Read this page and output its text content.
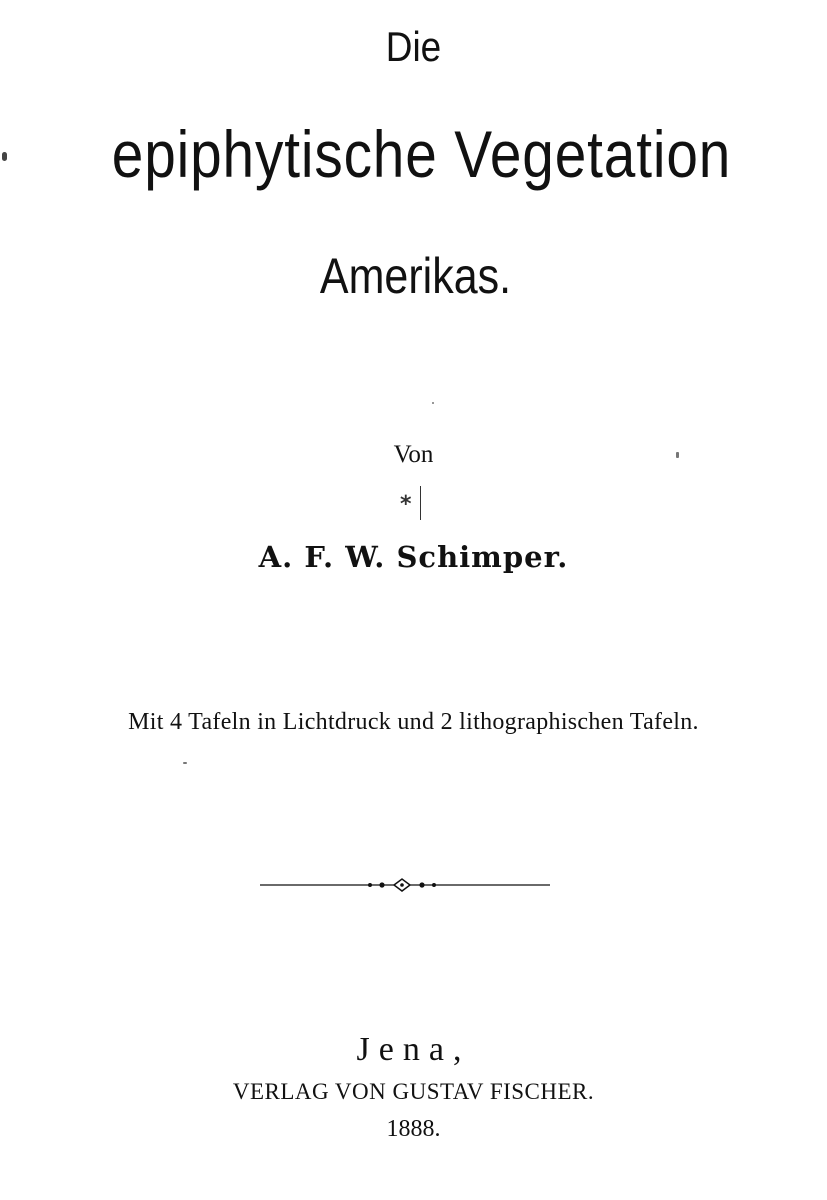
Die
epiphytische Vegetation
Amerikas.
Von
*
A. F. W. Schimper.
Mit 4 Tafeln in Lichtdruck und 2 lithographischen Tafeln.
Jena,
VERLAG VON GUSTAV FISCHER.
1888.
